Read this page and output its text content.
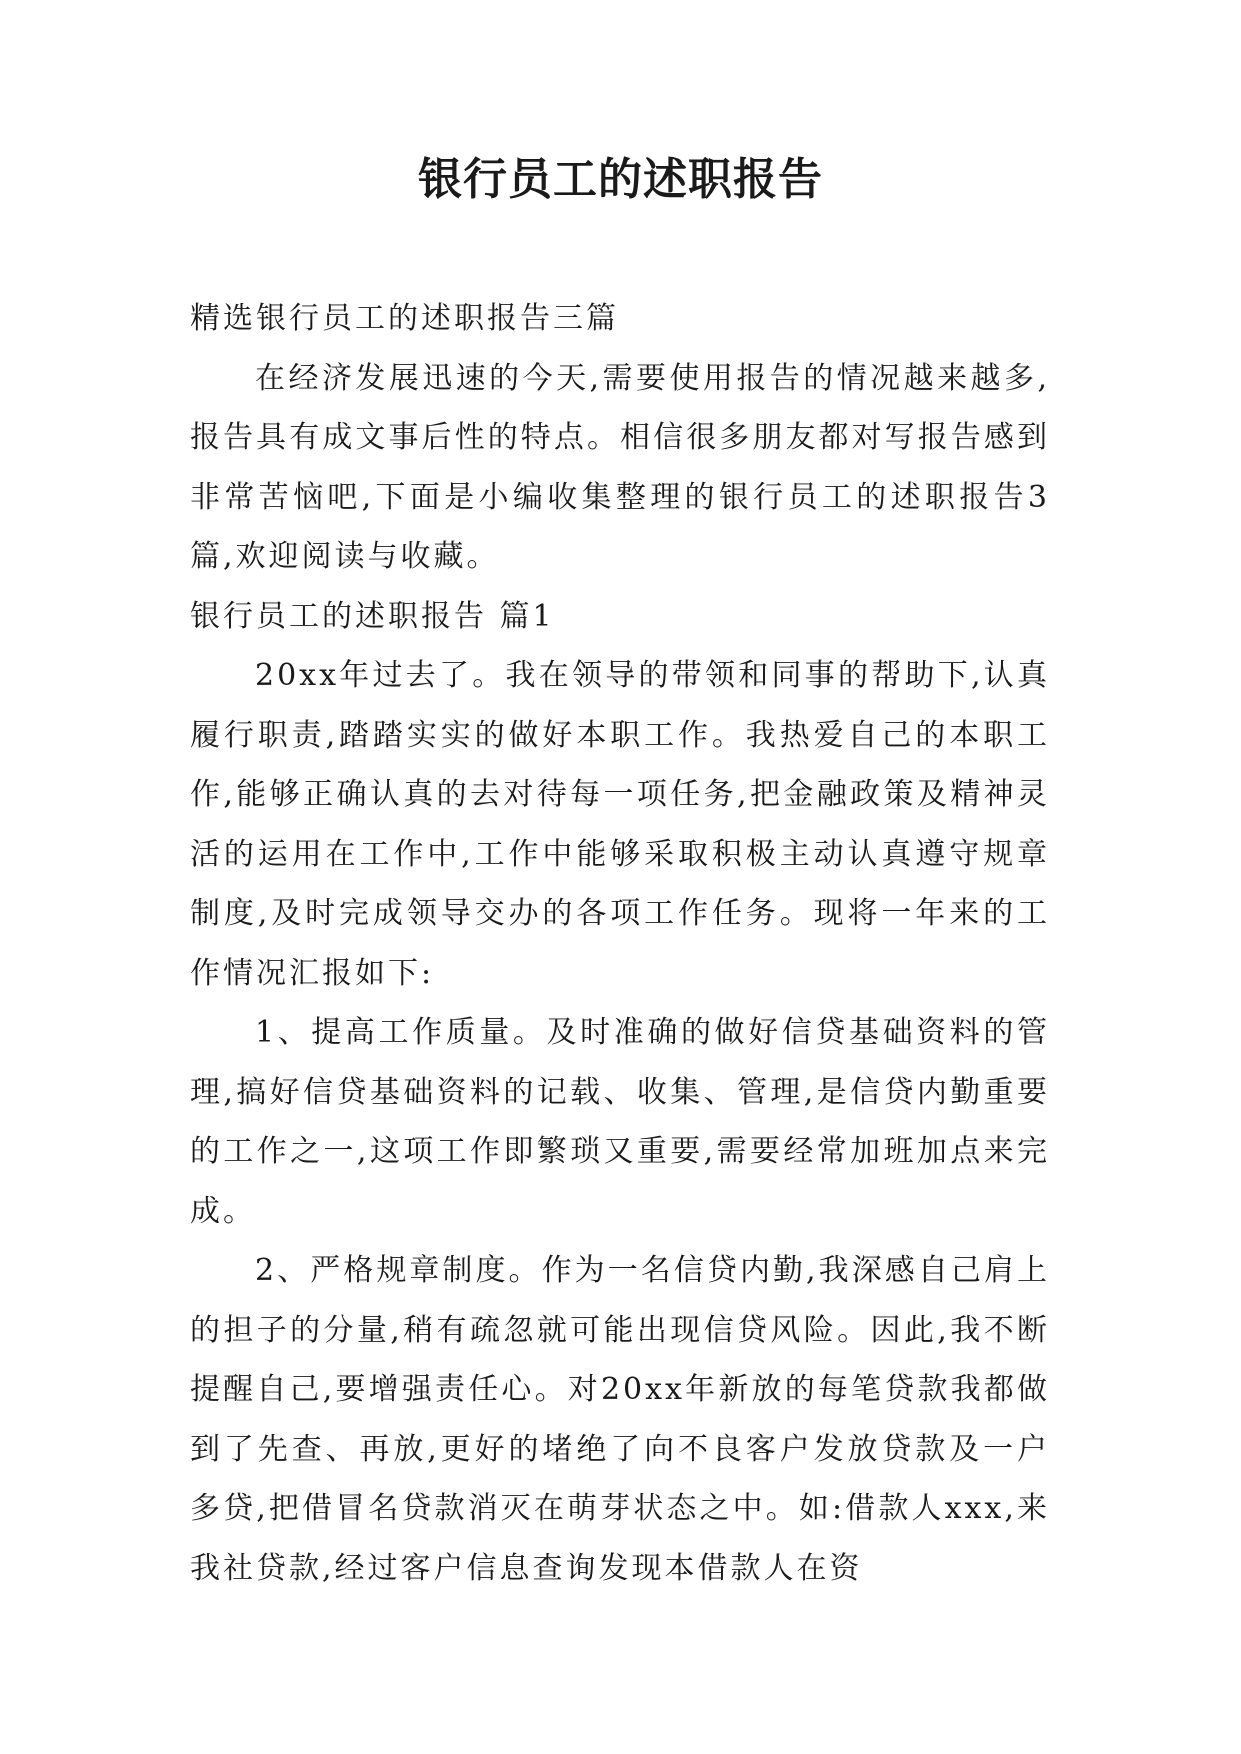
银行员工的述职报告

精选银行员工的述职报告三篇

在经济发展迅速的今天,需要使用报告的情况越来越多,报告具有成文事后性的特点。相信很多朋友都对写报告感到非常苦恼吧,下面是小编收集整理的银行员工的述职报告3篇,欢迎阅读与收藏。

银行员工的述职报告 篇1

20xx年过去了。我在领导的带领和同事的帮助下,认真履行职责,踏踏实实的做好本职工作。我热爱自己的本职工作,能够正确认真的去对待每一项任务,把金融政策及精神灵活的运用在工作中,工作中能够采取积极主动认真遵守规章制度,及时完成领导交办的各项工作任务。现将一年来的工作情况汇报如下:

1、提高工作质量。及时准确的做好信贷基础资料的管理,搞好信贷基础资料的记载、收集、管理,是信贷内勤重要的工作之一,这项工作即繁琐又重要,需要经常加班加点来完成。

2、严格规章制度。作为一名信贷内勤,我深感自己肩上的担子的分量,稍有疏忽就可能出现信贷风险。因此,我不断提醒自己,要增强责任心。对20xx年新放的每笔贷款我都做到了先查、再放,更好的堵绝了向不良客户发放贷款及一户多贷,把借冒名贷款消灭在萌芽状态之中。如:借款人xxx,来我社贷款,经过客户信息查询发现本借款人在资
